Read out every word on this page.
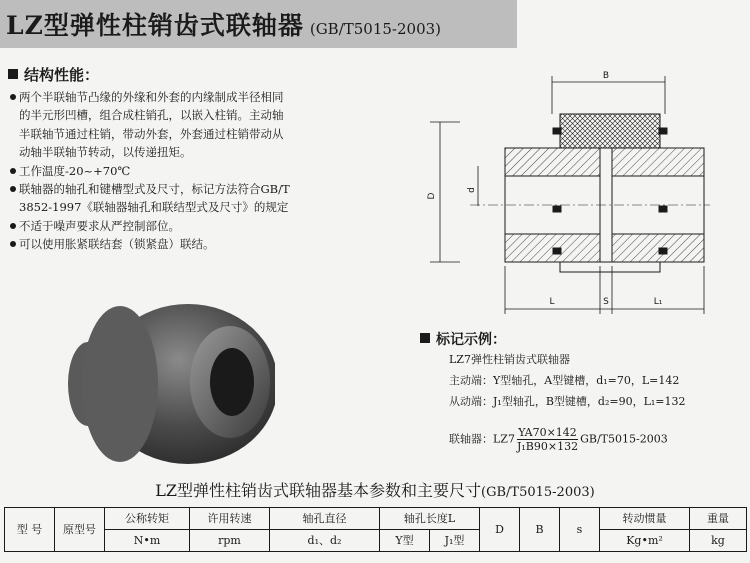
LZ型弹性柱销齿式联轴器 (GB/T5015-2003)
结构性能：
两个半联轴节凸缘的外缘和外套的内缘制成半径相同
的半元形凹槽，组合成柱销孔，以嵌入柱销。主动轴
半联轴节通过柱销，带动外套，外套通过柱销带动从
动轴半联轴节转动，以传递扭矩。
工作温度-20~+70℃
联轴器的轴孔和键槽型式及尺寸，标记方法符合GB/T
3852-1997《联轴器轴孔和联结型式及尺寸》的规定
不适于噪声要求从严控制部位。
可以使用胀紧联结套（锁紧盘）联结。
B
D
d
L	S	L₁
标记示例：
LZ7弹性柱销齿式联轴器
主动端：Y型轴孔，A型键槽，d₁=70，L=142
从动端：J₁型轴孔，B型键槽，d₂=90，L₁=132
联轴器：$LZ7 \frac{YA70\times 142}{\text{J₁B90×132}} GB/T5015-2003$
LZ型弹性柱销齿式联轴器基本参数和主要尺寸(GB/T5015-2003)
型 号	原型号	公称转矩	许用转速	轴孔直径	轴孔长度L		D	B	s	转动惯量	重量
		N•m	rpm	d₁、d₂	Y型	J₁型				Kg•m²	kg
